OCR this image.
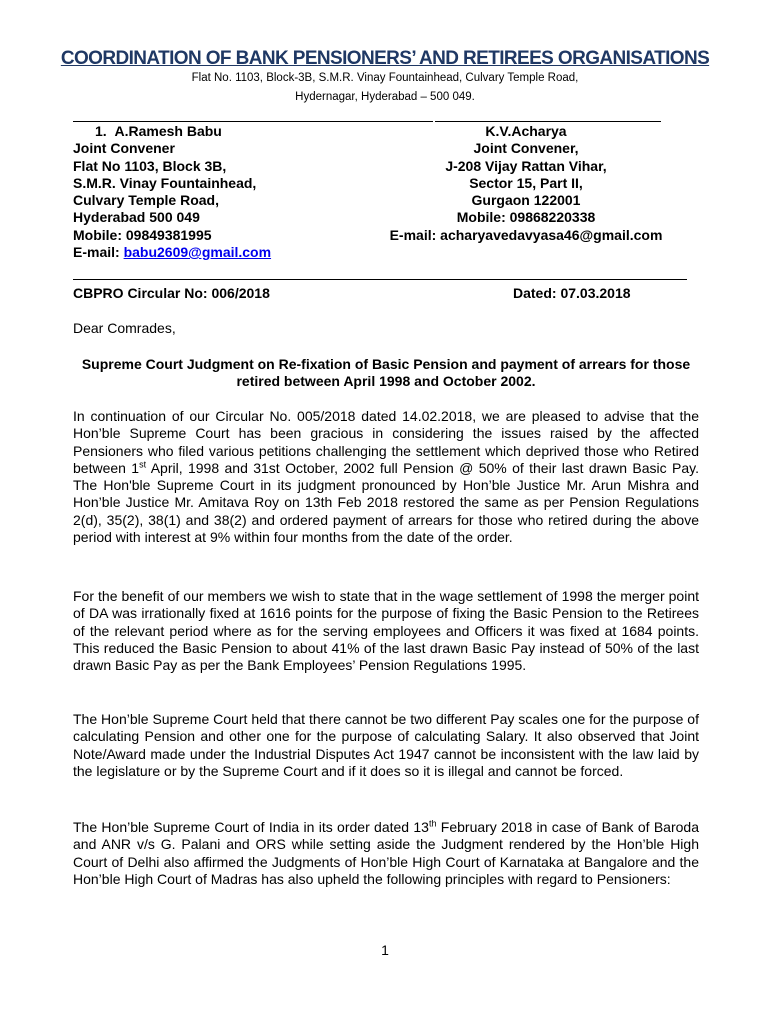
COORDINATION OF BANK PENSIONERS’ AND RETIREES ORGANISATIONS
Flat No. 1103, Block-3B, S.M.R. Vinay Fountainhead, Culvary Temple Road,
Hydernagar, Hyderabad – 500 049.
1. A.Ramesh Babu
Joint Convener
Flat No 1103, Block 3B,
S.M.R. Vinay Fountainhead,
Culvary Temple Road,
Hyderabad 500 049
Mobile: 09849381995
E-mail: babu2609@gmail.com
K.V.Acharya
Joint Convener,
J-208 Vijay Rattan Vihar,
Sector 15, Part II,
Gurgaon 122001
Mobile: 09868220338
E-mail: acharyavedavyasa46@gmail.com
CBPRO Circular No: 006/2018	Dated: 07.03.2018
Dear Comrades,
Supreme Court Judgment on Re-fixation of Basic Pension and payment of arrears for those retired between April 1998 and October 2002.

In continuation of our Circular No. 005/2018 dated 14.02.2018, we are pleased to advise that the Hon’ble Supreme Court has been gracious in considering the issues raised by the affected Pensioners who filed various petitions challenging the settlement which deprived those who Retired between 1st April, 1998 and 31st October, 2002 full Pension @ 50% of their last drawn Basic Pay. The Hon'ble Supreme Court in its judgment pronounced by Hon’ble Justice Mr. Arun Mishra and Hon’ble Justice Mr. Amitava Roy on 13th Feb 2018 restored the same as per Pension Regulations 2(d), 35(2), 38(1) and 38(2) and ordered payment of arrears for those who retired during the above period with interest at 9% within four months from the date of the order.

For the benefit of our members we wish to state that in the wage settlement of 1998 the merger point of DA was irrationally fixed at 1616 points for the purpose of fixing the Basic Pension to the Retirees of the relevant period where as for the serving employees and Officers it was fixed at 1684 points. This reduced the Basic Pension to about 41% of the last drawn Basic Pay instead of 50% of the last drawn Basic Pay as per the Bank Employees’ Pension Regulations 1995.

The Hon’ble Supreme Court held that there cannot be two different Pay scales one for the purpose of calculating Pension and other one for the purpose of calculating Salary. It also observed that Joint Note/Award made under the Industrial Disputes Act 1947 cannot be inconsistent with the law laid by the legislature or by the Supreme Court and if it does so it is illegal and cannot be forced.

The Hon’ble Supreme Court of India in its order dated 13th February 2018 in case of Bank of Baroda and ANR v/s G. Palani and ORS while setting aside the Judgment rendered by the Hon’ble High Court of Delhi also affirmed the Judgments of Hon’ble High Court of Karnataka at Bangalore and the Hon’ble High Court of Madras has also upheld the following principles with regard to Pensioners:

1
